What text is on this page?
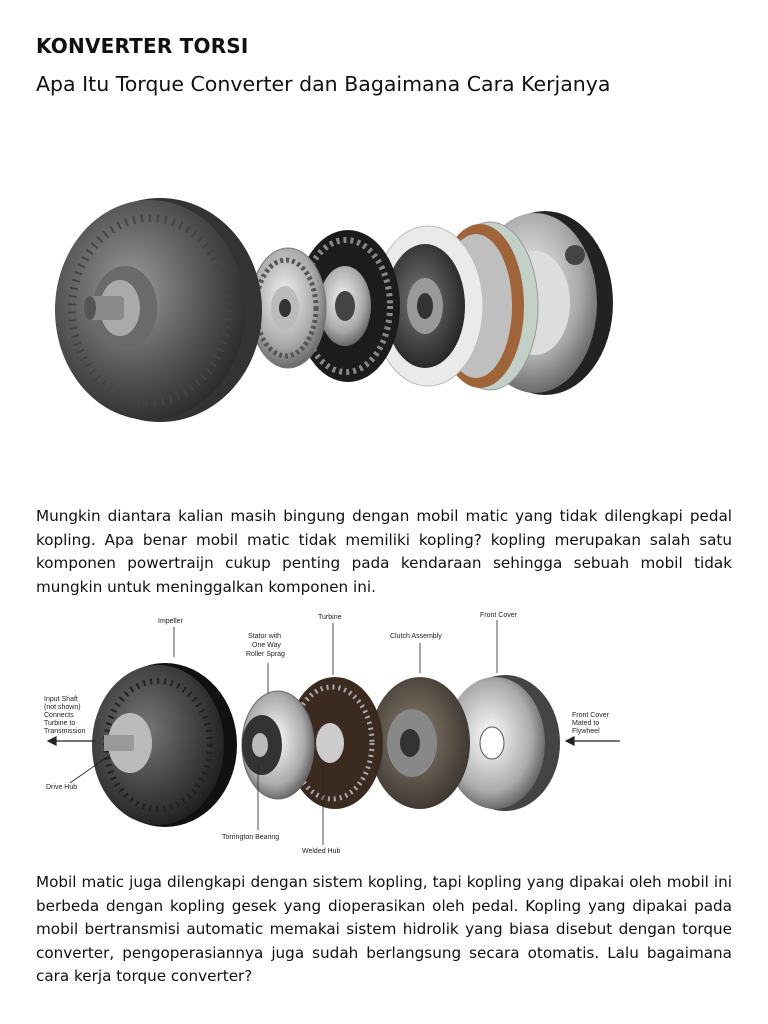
KONVERTER TORSI
Apa Itu Torque Converter dan Bagaimana Cara Kerjanya

Mungkin diantara kalian masih bingung dengan mobil matic yang tidak dilengkapi pedal kopling. Apa benar mobil matic tidak memiliki kopling? kopling merupakan salah satu komponen powertraijn cukup penting pada kendaraan sehingga sebuah mobil tidak mungkin untuk meninggalkan komponen ini.

Impeller
Stator with
One Way
Roller Sprag
Turbine
Clutch Assembly
Front Cover
Input Shaft
(not shown)
Connects
Turbine to
Transmission
Front Cover
Mated to
Flywheel
Drive Hub
Torrington Bearing
Welded Hub

Mobil matic juga dilengkapi dengan sistem kopling, tapi kopling yang dipakai oleh mobil ini berbeda dengan kopling gesek yang dioperasikan oleh pedal. Kopling yang dipakai pada mobil bertransmisi automatic memakai sistem hidrolik yang biasa disebut dengan torque converter, pengoperasiannya juga sudah berlangsung secara otomatis. Lalu bagaimana cara kerja torque converter?
